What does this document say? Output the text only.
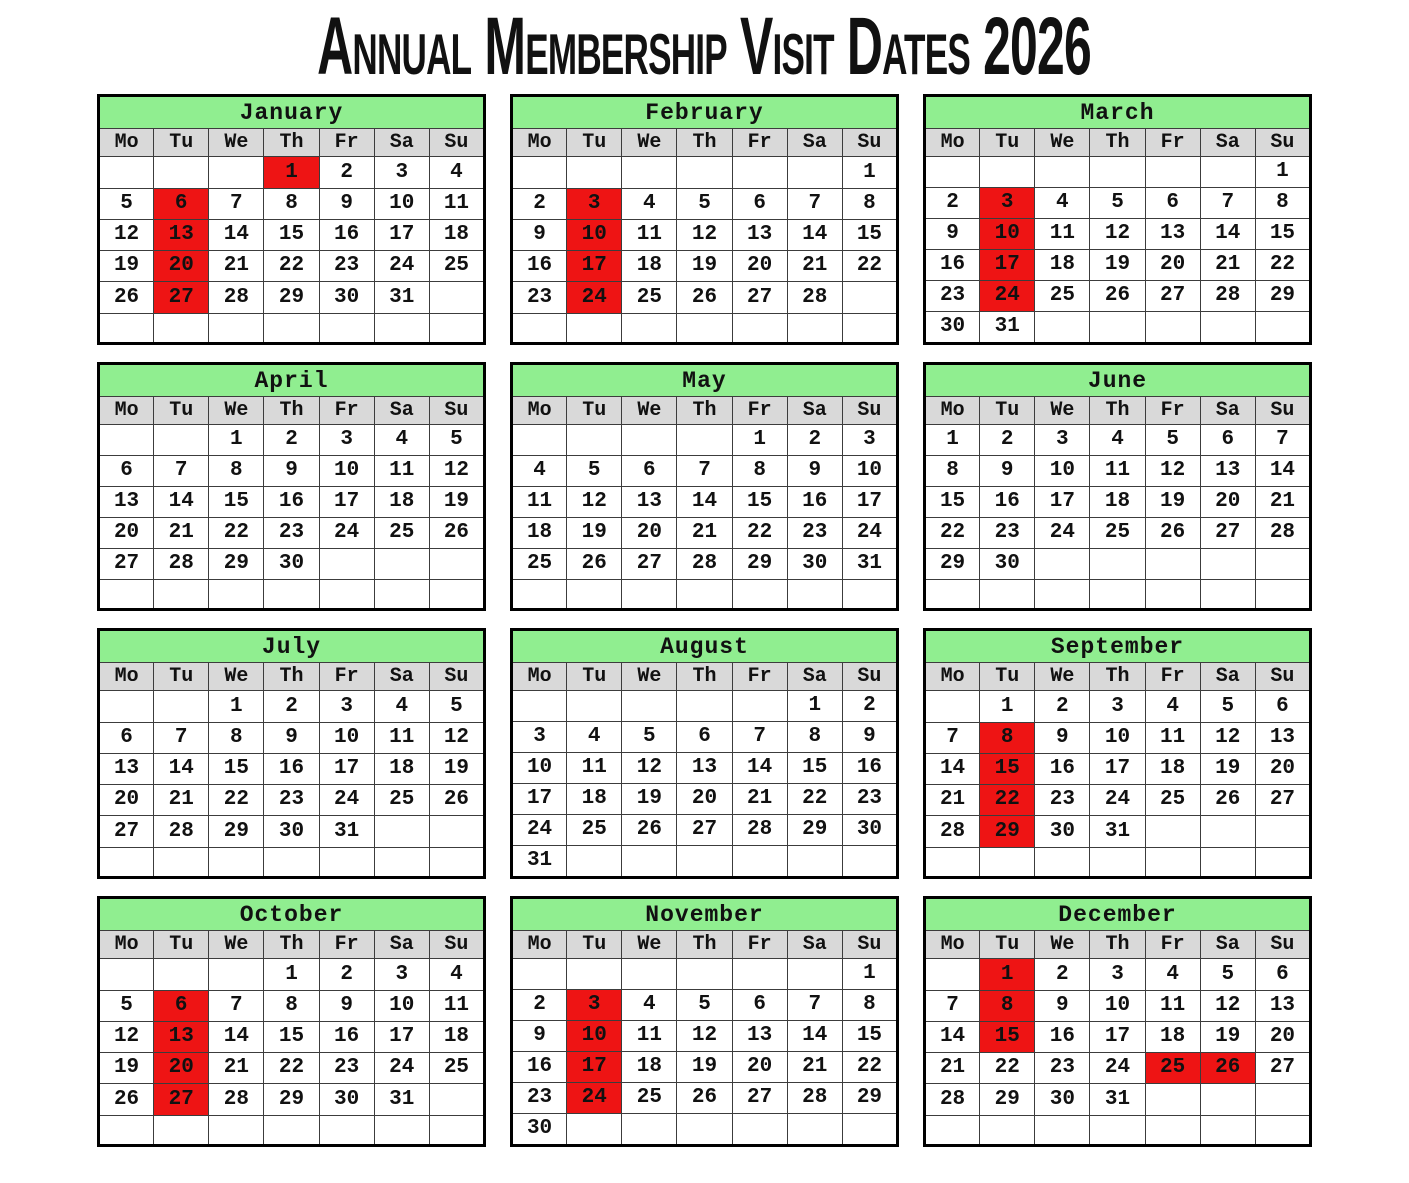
Annual Membership Visit Dates 2026
January						
Mo	Tu	We	Th	Fr	Sa	Su
			1	2	3	4
5	6	7	8	9	10	11
12	13	14	15	16	17	18
19	20	21	22	23	24	25
26	27	28	29	30	31	

February						
Mo	Tu	We	Th	Fr	Sa	Su
						1
2	3	4	5	6	7	8
9	10	11	12	13	14	15
16	17	18	19	20	21	22
23	24	25	26	27	28	

March						
Mo	Tu	We	Th	Fr	Sa	Su
						1
2	3	4	5	6	7	8
9	10	11	12	13	14	15
16	17	18	19	20	21	22
23	24	25	26	27	28	29
30	31					
April						
Mo	Tu	We	Th	Fr	Sa	Su
		1	2	3	4	5
6	7	8	9	10	11	12
13	14	15	16	17	18	19
20	21	22	23	24	25	26
27	28	29	30			

May						
Mo	Tu	We	Th	Fr	Sa	Su
				1	2	3
4	5	6	7	8	9	10
11	12	13	14	15	16	17
18	19	20	21	22	23	24
25	26	27	28	29	30	31

June						
Mo	Tu	We	Th	Fr	Sa	Su
1	2	3	4	5	6	7
8	9	10	11	12	13	14
15	16	17	18	19	20	21
22	23	24	25	26	27	28
29	30					

July						
Mo	Tu	We	Th	Fr	Sa	Su
		1	2	3	4	5
6	7	8	9	10	11	12
13	14	15	16	17	18	19
20	21	22	23	24	25	26
27	28	29	30	31		

August						
Mo	Tu	We	Th	Fr	Sa	Su
					1	2
3	4	5	6	7	8	9
10	11	12	13	14	15	16
17	18	19	20	21	22	23
24	25	26	27	28	29	30
31						
September						
Mo	Tu	We	Th	Fr	Sa	Su
	1	2	3	4	5	6
7	8	9	10	11	12	13
14	15	16	17	18	19	20
21	22	23	24	25	26	27
28	29	30	31			

October						
Mo	Tu	We	Th	Fr	Sa	Su
			1	2	3	4
5	6	7	8	9	10	11
12	13	14	15	16	17	18
19	20	21	22	23	24	25
26	27	28	29	30	31	

November						
Mo	Tu	We	Th	Fr	Sa	Su
						1
2	3	4	5	6	7	8
9	10	11	12	13	14	15
16	17	18	19	20	21	22
23	24	25	26	27	28	29
30						
December						
Mo	Tu	We	Th	Fr	Sa	Su
	1	2	3	4	5	6
7	8	9	10	11	12	13
14	15	16	17	18	19	20
21	22	23	24	25	26	27
28	29	30	31			
